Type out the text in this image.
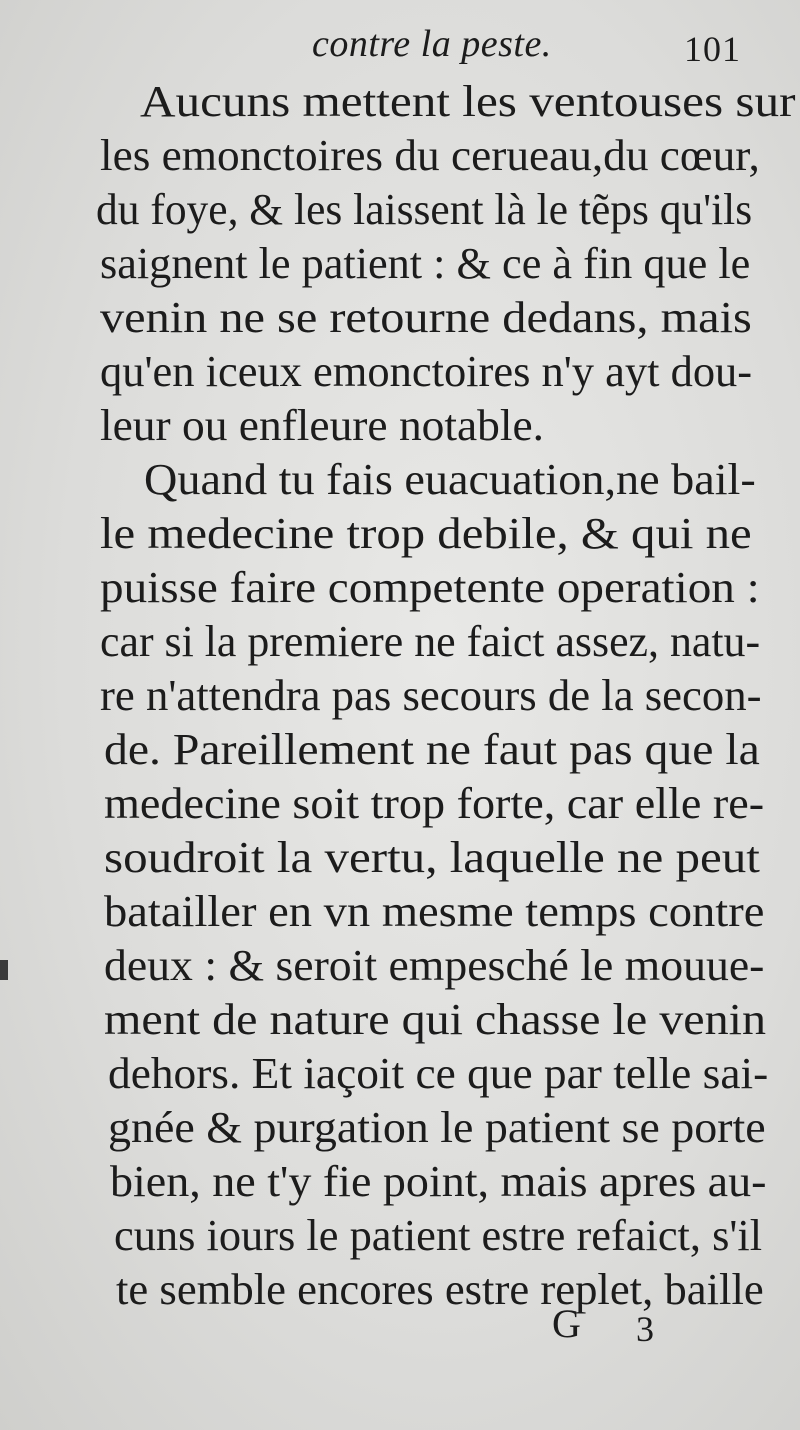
contre la peste.	101
Aucuns mettent les ventouses sur
les emonctoires du cerueau,du cœur,
du foye, & les laissent là le tẽps qu'ils
saignent le patient : & ce à fin que le
venin ne se retourne dedans, mais
qu'en iceux emonctoires n'y ayt dou-
leur ou enfleure notable.
Quand tu fais euacuation,ne bail-
le medecine trop debile, & qui ne
puisse faire competente operation :
car si la premiere ne faict assez, natu-
re n'attendra pas secours de la secon-
de. Pareillement ne faut pas que la
medecine soit trop forte, car elle re-
soudroit la vertu, laquelle ne peut
batailler en vn mesme temps contre
deux : & seroit empesché le mouue-
ment de nature qui chasse le venin
dehors. Et iaçoit ce que par telle sai-
gnée & purgation le patient se porte
bien, ne t'y fie point, mais apres au-
cuns iours le patient estre refaict, s'il
te semble encores estre replet, baille
G 3
